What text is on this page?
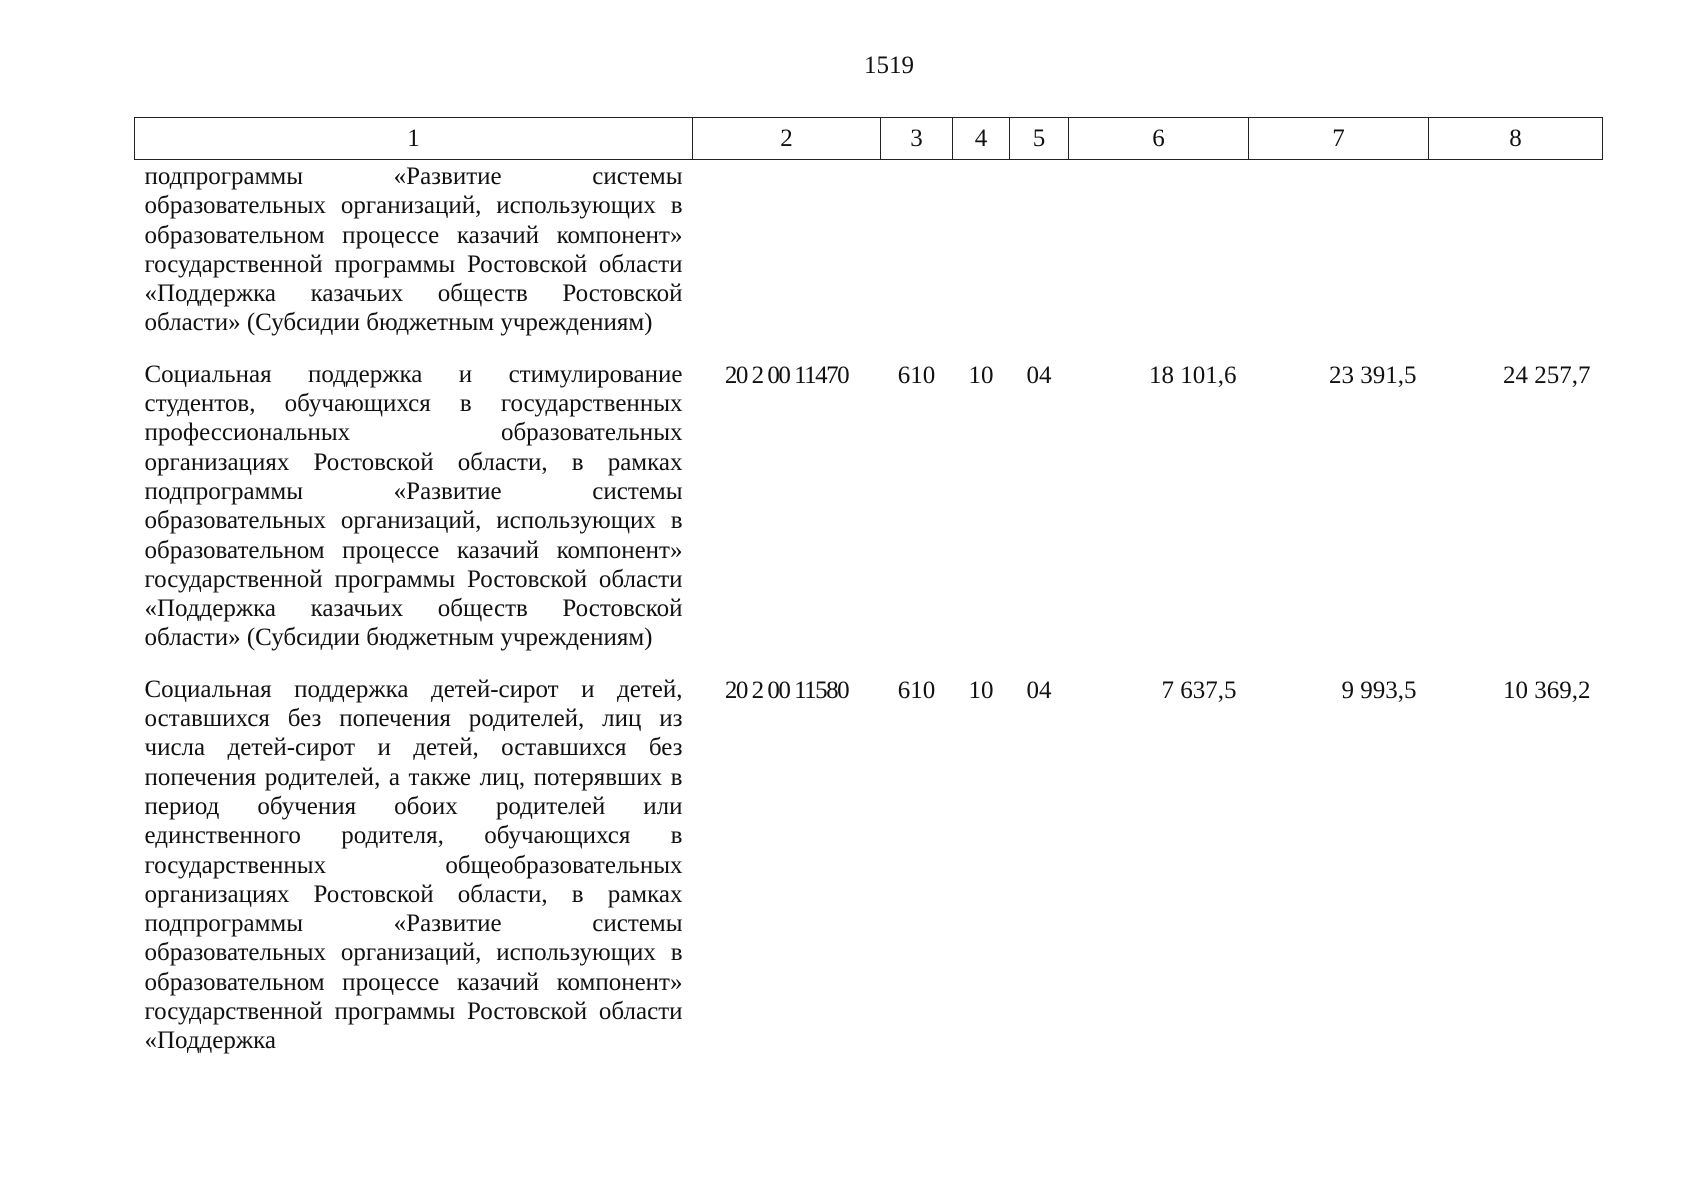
1519
1	2	3	4	5	6	7	8
подпрограммы «Развитие системы образовательных организаций, использующих в образовательном процессе казачий компонент» государственной программы Ростовской области «Поддержка казачьих обществ Ростовской области» (Субсидии бюджетным учреждениям)							
Социальная поддержка и стимулирование студентов, обучающихся в государственных профессиональных образовательных организациях Ростовской области, в рамках подпрограммы «Развитие системы образовательных организаций, использующих в образовательном процессе казачий компонент» государственной программы Ростовской области «Поддержка казачьих обществ Ростовской области» (Субсидии бюджетным учреждениям)	20 2 00 11470	610	10	04	18 101,6	23 391,5	24 257,7
Социальная поддержка детей-сирот и детей, оставшихся без попечения родителей, лиц из числа детей-сирот и детей, оставшихся без попечения родителей, а также лиц, потерявших в период обучения обоих родителей или единственного родителя, обучающихся в государственных общеобразовательных организациях Ростовской области, в рамках подпрограммы «Развитие системы образовательных организаций, использующих в образовательном процессе казачий компонент» государственной программы Ростовской области «Поддержка	20 2 00 11580	610	10	04	7 637,5	9 993,5	10 369,2
